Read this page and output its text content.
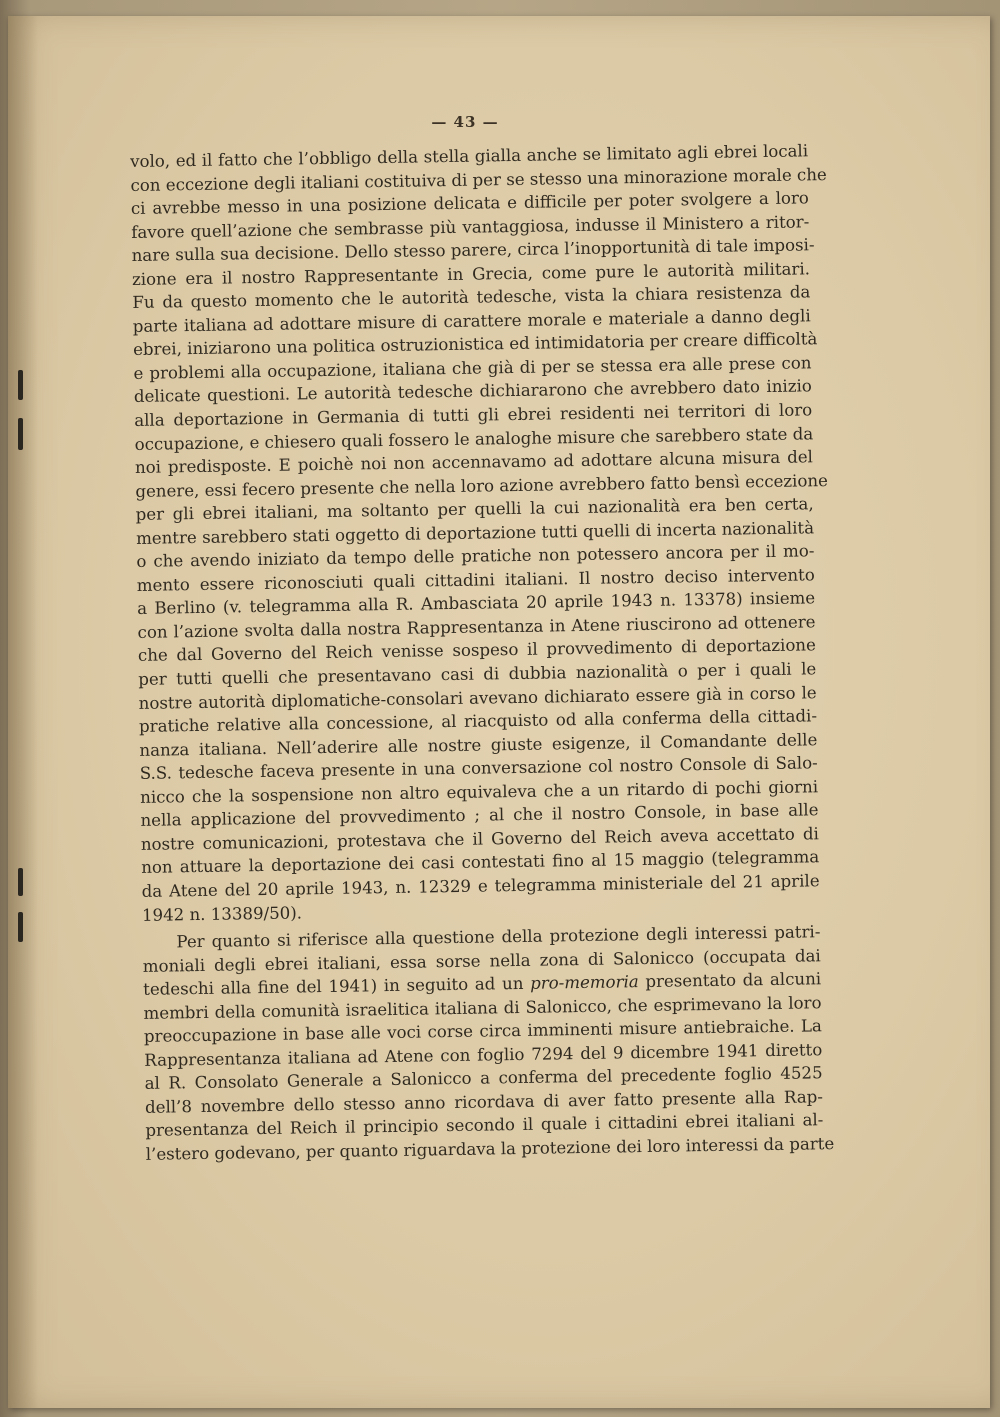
— 43 —
volo, ed il fatto che l’obbligo della stella gialla anche se limitato agli ebrei locali
con eccezione degli italiani costituiva di per se stesso una minorazione morale che
ci avrebbe messo in una posizione delicata e difficile per poter svolgere a loro
favore quell’azione che sembrasse più vantaggiosa, indusse il Ministero a ritor-
nare sulla sua decisione. Dello stesso parere, circa l’inopportunità di tale imposi-
zione era il nostro Rappresentante in Grecia, come pure le autorità militari.
Fu da questo momento che le autorità tedesche, vista la chiara resistenza da
parte italiana ad adottare misure di carattere morale e materiale a danno degli
ebrei, iniziarono una politica ostruzionistica ed intimidatoria per creare difficoltà
e problemi alla occupazione, italiana che già di per se stessa era alle prese con
delicate questioni. Le autorità tedesche dichiararono che avrebbero dato inizio
alla deportazione in Germania di tutti gli ebrei residenti nei territori di loro
occupazione, e chiesero quali fossero le analoghe misure che sarebbero state da
noi predisposte. E poichè noi non accennavamo ad adottare alcuna misura del
genere, essi fecero presente che nella loro azione avrebbero fatto bensì eccezione
per gli ebrei italiani, ma soltanto per quelli la cui nazionalità era ben certa,
mentre sarebbero stati oggetto di deportazione tutti quelli di incerta nazionalità
o che avendo iniziato da tempo delle pratiche non potessero ancora per il mo-
mento essere riconosciuti quali cittadini italiani. Il nostro deciso intervento
a Berlino (v. telegramma alla R. Ambasciata 20 aprile 1943 n. 13378) insieme
con l’azione svolta dalla nostra Rappresentanza in Atene riuscirono ad ottenere
che dal Governo del Reich venisse sospeso il provvedimento di deportazione
per tutti quelli che presentavano casi di dubbia nazionalità o per i quali le
nostre autorità diplomatiche-consolari avevano dichiarato essere già in corso le
pratiche relative alla concessione, al riacquisto od alla conferma della cittadi-
nanza italiana. Nell’aderire alle nostre giuste esigenze, il Comandante delle
S.S. tedesche faceva presente in una conversazione col nostro Console di Salo-
nicco che la sospensione non altro equivaleva che a un ritardo di pochi giorni
nella applicazione del provvedimento ; al che il nostro Console, in base alle
nostre comunicazioni, protestava che il Governo del Reich aveva accettato di
non attuare la deportazione dei casi contestati fino al 15 maggio (telegramma
da Atene del 20 aprile 1943, n. 12329 e telegramma ministeriale del 21 aprile
1942 n. 13389/50).
Per quanto si riferisce alla questione della protezione degli interessi patri-
moniali degli ebrei italiani, essa sorse nella zona di Salonicco (occupata dai
tedeschi alla fine del 1941) in seguito ad un pro-memoria presentato da alcuni
membri della comunità israelitica italiana di Salonicco, che esprimevano la loro
preoccupazione in base alle voci corse circa imminenti misure antiebraiche. La
Rappresentanza italiana ad Atene con foglio 7294 del 9 dicembre 1941 diretto
al R. Consolato Generale a Salonicco a conferma del precedente foglio 4525
dell’8 novembre dello stesso anno ricordava di aver fatto presente alla Rap-
presentanza del Reich il principio secondo il quale i cittadini ebrei italiani al-
l’estero godevano, per quanto riguardava la protezione dei loro interessi da parte
